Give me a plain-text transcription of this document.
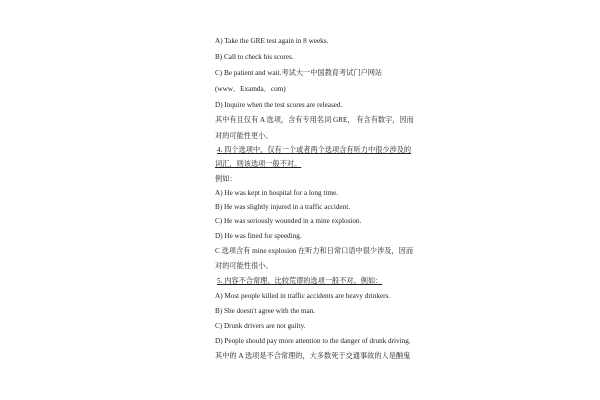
A) Take the GRE test again in 8 weeks.
B) Call to check his scores.
C) Be patient and wait.考试大一中国教育考试门户网站
(www．Examda．com)
D) Inquire when the test scores are released.
其中有且仅有 A 选项，含有专用名词 GRE， 有含有数字，因而
对的可能性更小。
4. 四个选项中，仅有一个或者两个选项含有听力中很少涉及的
词汇，则该选项一般不对。
例如：
A) He was kept in hospital for a long time.
B) He was slightly injured in a traffic accident.
C) He was seriously wounded in a mine explosion.
D) He was fined for speeding.
C 选项含有 mine explosion 在听力和日常口语中很少涉及，因而
对的可能性很小。
5. 内容不合常理、比较荒谬的选项一般不对。例如：
A) Most people killed in traffic accidents are heavy drinkers.
B) She doesn't agree with the man.
C) Drunk drivers are not guilty.
D) People should pay more attention to the danger of drunk driving.
其中的 A 选项是不合常理的，大多数死于交通事故的人是酗鬼
